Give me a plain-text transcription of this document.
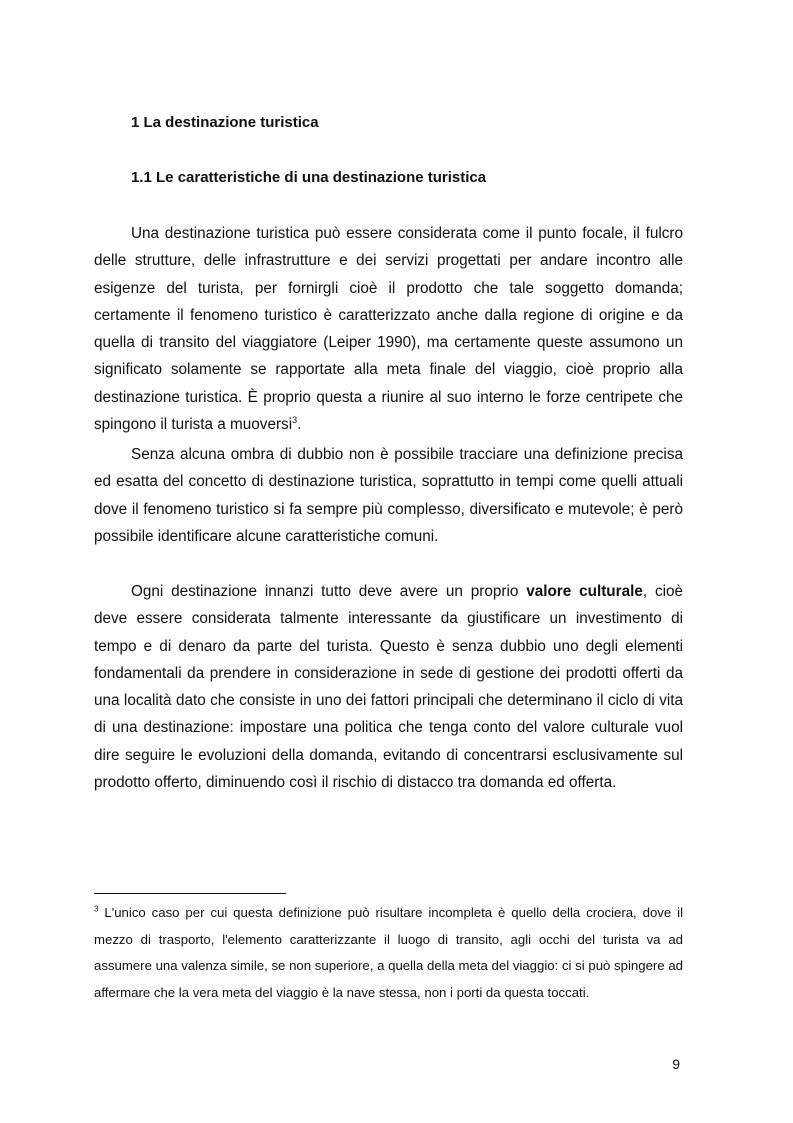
1 La destinazione turistica
1.1 Le caratteristiche di una destinazione turistica

Una destinazione turistica può essere considerata come il punto focale, il fulcro delle strutture, delle infrastrutture e dei servizi progettati per andare incontro alle esigenze del turista, per fornirgli cioè il prodotto che tale soggetto domanda; certamente il fenomeno turistico è caratterizzato anche dalla regione di origine e da quella di transito del viaggiatore (Leiper 1990), ma certamente queste assumono un significato solamente se rapportate alla meta finale del viaggio, cioè proprio alla destinazione turistica. È proprio questa a riunire al suo interno le forze centripete che spingono il turista a muoversi$^3$.

Senza alcuna ombra di dubbio non è possibile tracciare una definizione precisa ed esatta del concetto di destinazione turistica, soprattutto in tempi come quelli attuali dove il fenomeno turistico si fa sempre più complesso, diversificato e mutevole; è però possibile identificare alcune caratteristiche comuni.

Ogni destinazione innanzi tutto deve avere un proprio valore culturale, cioè deve essere considerata talmente interessante da giustificare un investimento di tempo e di denaro da parte del turista. Questo è senza dubbio uno degli elementi fondamentali da prendere in considerazione in sede di gestione dei prodotti offerti da una località dato che consiste in uno dei fattori principali che determinano il ciclo di vita di una destinazione: impostare una politica che tenga conto del valore culturale vuol dire seguire le evoluzioni della domanda, evitando di concentrarsi esclusivamente sul prodotto offerto, diminuendo così il rischio di distacco tra domanda ed offerta.

$^3$ L'unico caso per cui questa definizione può risultare incompleta è quello della crociera, dove il mezzo di trasporto, l'elemento caratterizzante il luogo di transito, agli occhi del turista va ad assumere una valenza simile, se non superiore, a quella della meta del viaggio: ci si può spingere ad affermare che la vera meta del viaggio è la nave stessa, non i porti da questa toccati.

9
